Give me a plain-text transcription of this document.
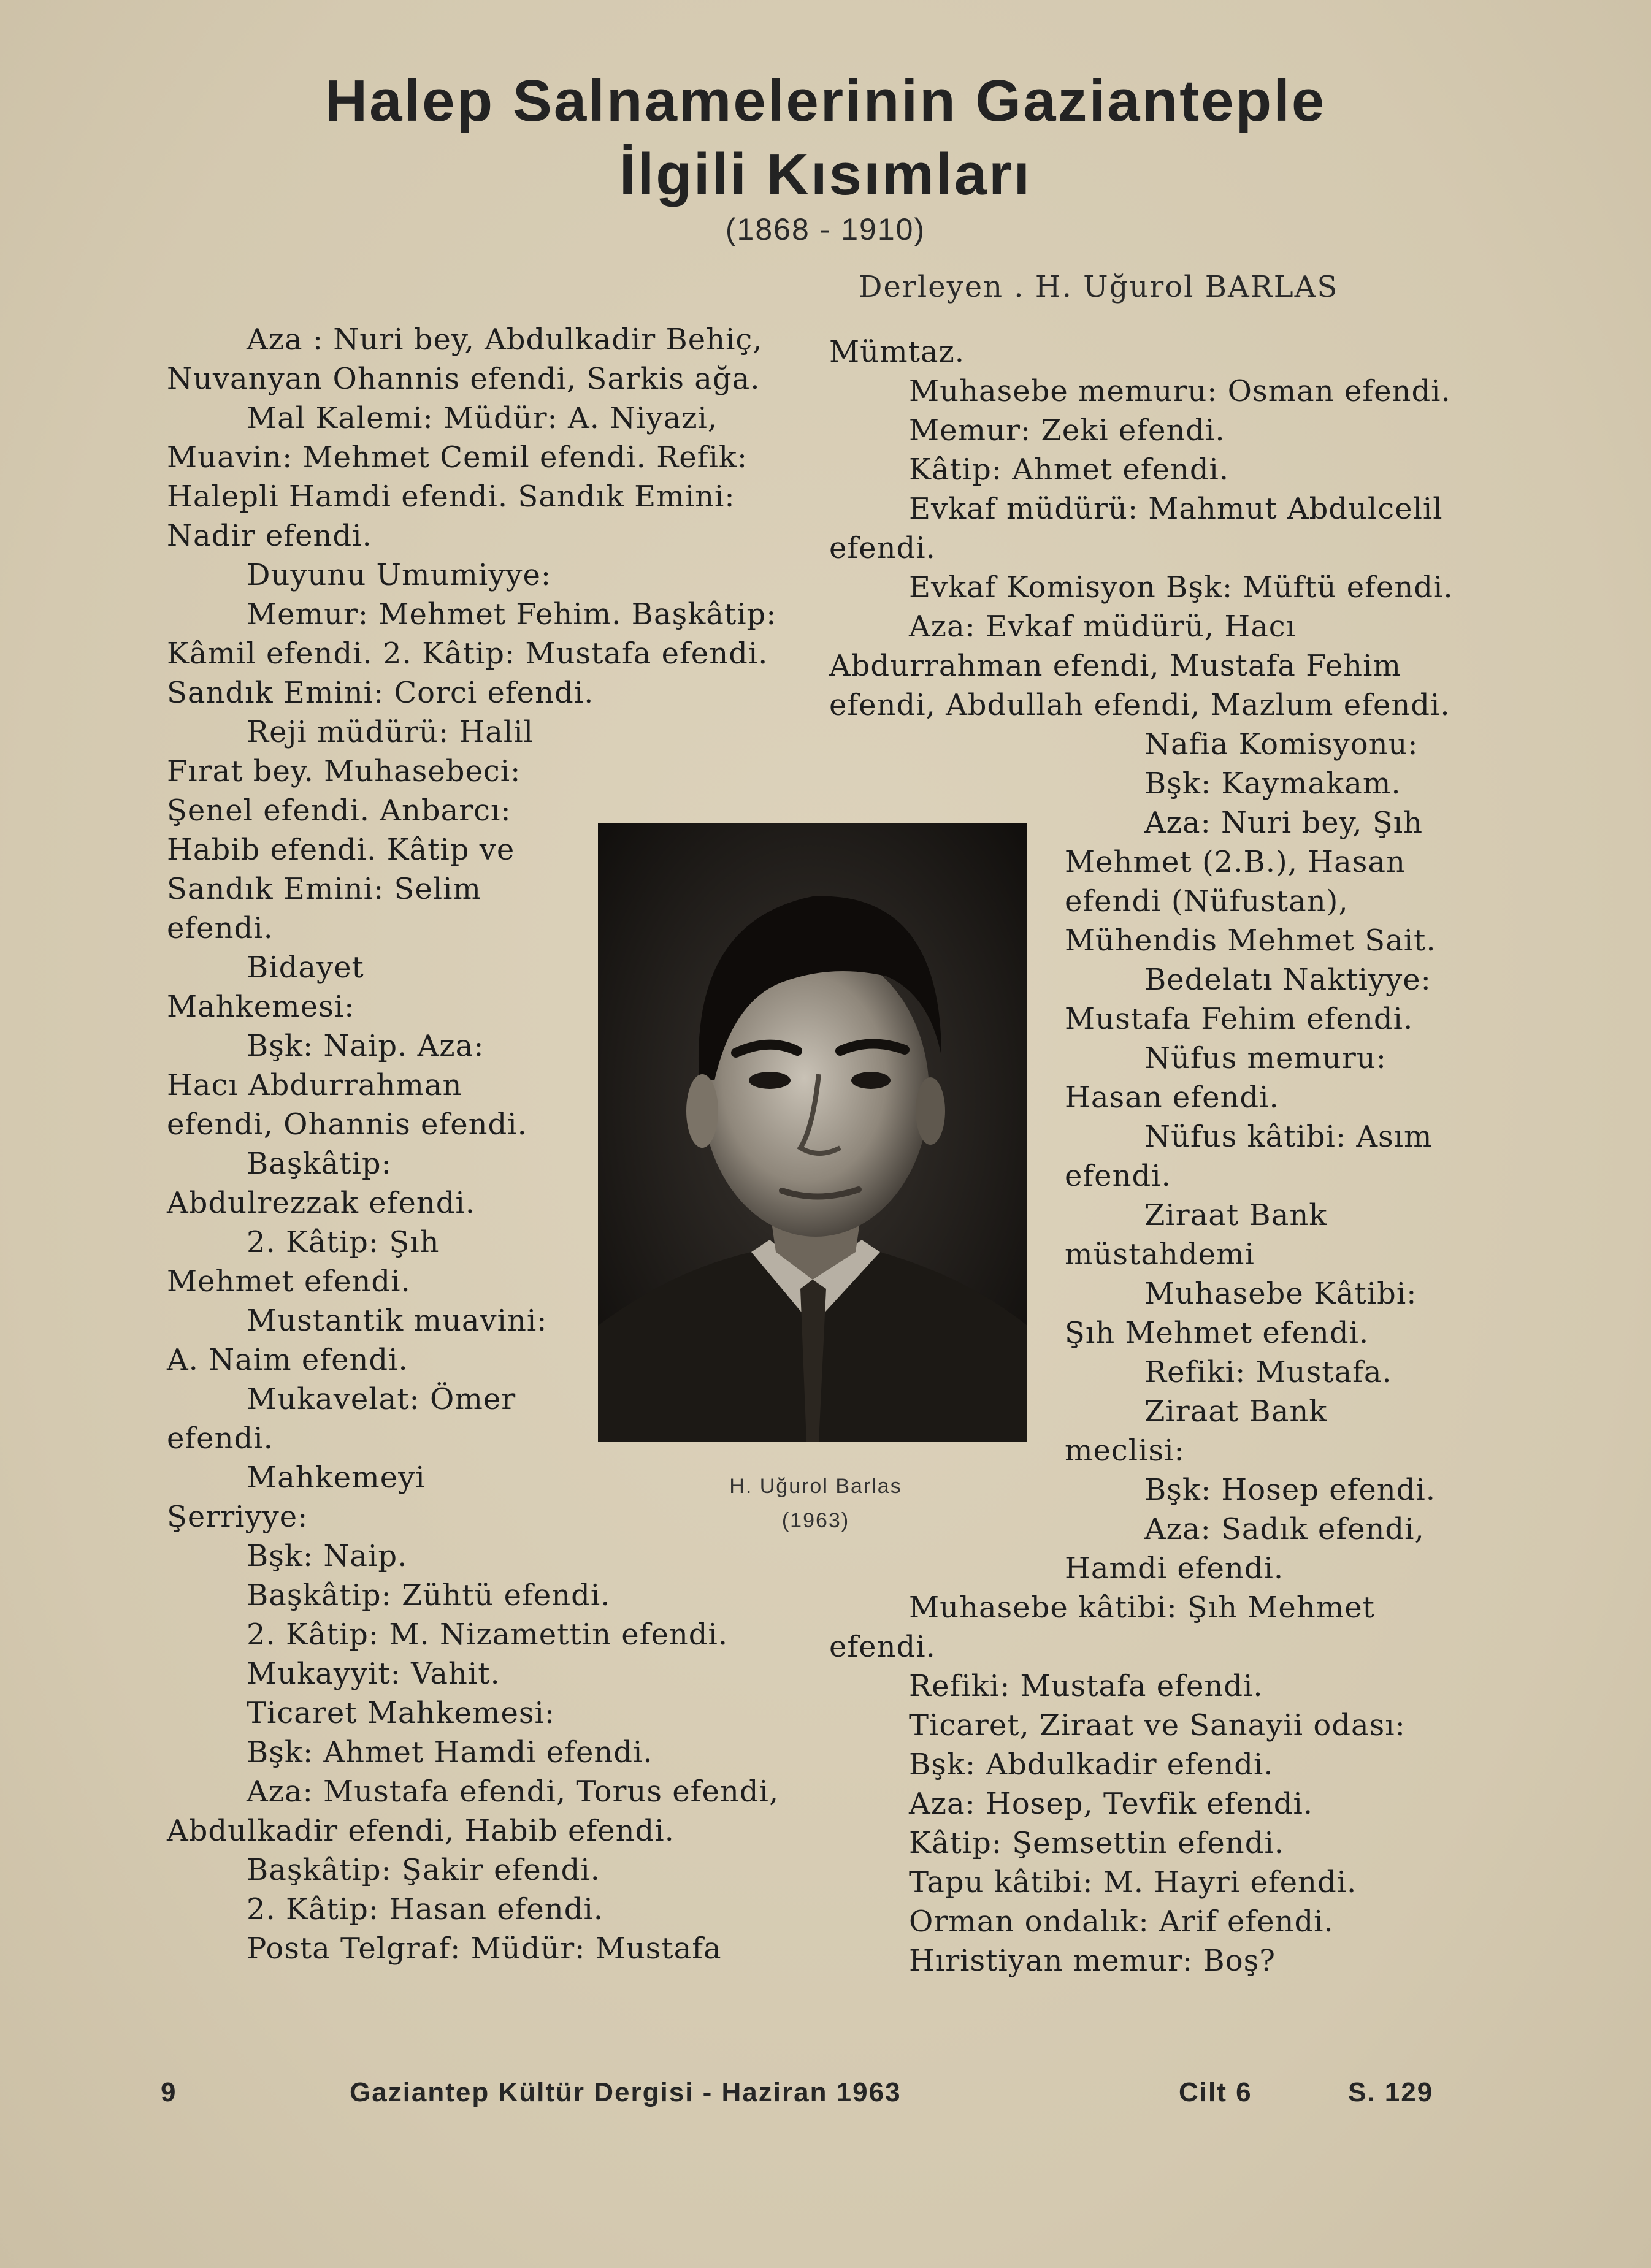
Halep Salnamelerinin Gazianteple
İlgili Kısımları
(1868 - 1910)
Derleyen . H. Uğurol BARLAS

Aza : Nuri bey, Abdulkadir Behiç, Nuvanyan Ohannis efendi, Sarkis ağa.

Mal Kalemi: Müdür: A. Niyazi, Muavin: Mehmet Cemil efendi. Refik: Halepli Hamdi efendi. Sandık Emini: Nadir efendi.

Duyunu Umumiyye:

Memur: Mehmet Fehim. Başkâtip: Kâmil efendi. 2. Kâtip: Mustafa efendi. Sandık Emini: Corci efendi.

Reji müdürü: Halil Fırat bey. Muhasebeci: Şenel efendi. Anbarcı: Habib efendi. Kâtip ve Sandık Emini: Selim efendi.

Bidayet Mahkemesi:

Bşk: Naip. Aza: Hacı Abdurrahman efendi, Ohannis efendi.

Başkâtip: Abdulrezzak efendi.

2. Kâtip: Şıh Mehmet efendi.

Mustantik muavini: A. Naim efendi.

Mukavelat: Ömer efendi.

Mahkemeyi Şerriyye:

Bşk: Naip.

Başkâtip: Zühtü efendi.

2. Kâtip: M. Nizamettin efendi.

Mukayyit: Vahit.

Ticaret Mahkemesi:

Bşk: Ahmet Hamdi efendi.

Aza: Mustafa efendi, Torus efendi, Abdulkadir efendi, Habib efendi.

Başkâtip: Şakir efendi.

2. Kâtip: Hasan efendi.

Posta Telgraf: Müdür: Mustafa

Mümtaz.

Muhasebe memuru: Osman efendi.

Memur: Zeki efendi.

Kâtip: Ahmet efendi.

Evkaf müdürü: Mahmut Abdulcelil efendi.

Evkaf Komisyon Bşk: Müftü efendi.

Aza: Evkaf müdürü, Hacı Abdurrahman efendi, Mustafa Fehim efendi, Abdullah efendi, Mazlum efendi.

Nafia Komisyonu:

Bşk: Kaymakam.

Aza: Nuri bey, Şıh Mehmet (2.B.), Hasan efendi (Nüfustan), Mühendis Mehmet Sait.

Bedelatı Naktiyye: Mustafa Fehim efendi.

Nüfus memuru: Hasan efendi.

Nüfus kâtibi: Asım efendi.

Ziraat Bank müstahdemi

Muhasebe Kâtibi: Şıh Mehmet efendi.

Refiki: Mustafa.

Ziraat Bank meclisi:

Bşk: Hosep efendi.

Aza: Sadık efendi, Hamdi efendi.

Muhasebe kâtibi: Şıh Mehmet efendi.

Refiki: Mustafa efendi.

Ticaret, Ziraat ve Sanayii odası:

Bşk: Abdulkadir efendi.

Aza: Hosep, Tevfik efendi.

Kâtip: Şemsettin efendi.

Tapu kâtibi: M. Hayri efendi.

Orman ondalık: Arif efendi.

Hıristiyan memur: Boş?

H. Uğurol Barlas
(1963)
9	Gaziantep Kültür Dergisi - Haziran 1963	Cilt 6	S. 129
